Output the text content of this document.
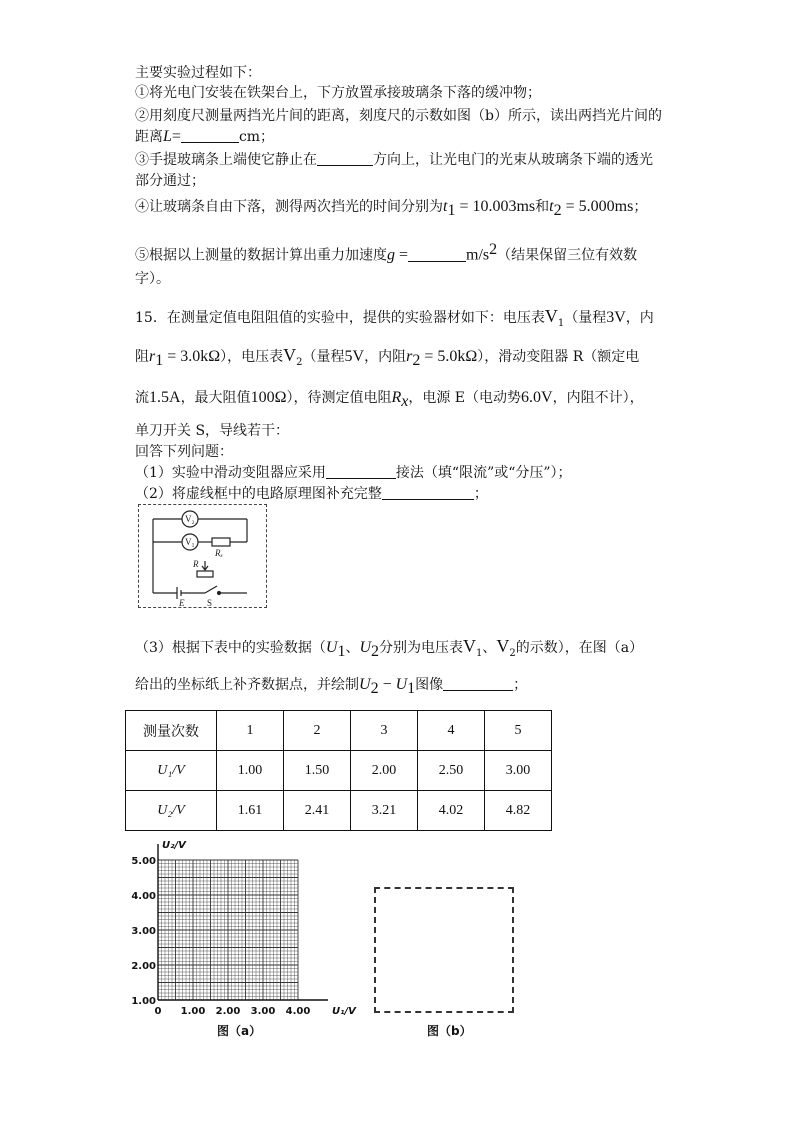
主要实验过程如下：
①将光电门安装在铁架台上，下方放置承接玻璃条下落的缓冲物；
②用刻度尺测量两挡光片间的距离，刻度尺的示数如图（b）所示，读出两挡光片间的
距离L=	cm；
③手提玻璃条上端使它静止在	方向上，让光电门的光束从玻璃条下端的透光
部分通过；
④让玻璃条自由下落，测得两次挡光的时间分别为$t_1 = 10.003ms$和$t_2 = 5.000ms$；
⑤根据以上测量的数据计算出重力加速度g =	$m/s^2$（结果保留三位有效数
字）。
15．在测量定值电阻阻值的实验中，提供的实验器材如下：电压表$V_1$（量程3V，内
阻$r_1 = 3.0k\Omega$），电压表$V_2$（量程5V，内阻$r_2 = 5.0k\Omega$），滑动变阻器 R（额定电
流1.5A，最大阻值100Ω），待测定值电阻$R_x$，电源 E（电动势6.0V，内阻不计），
单刀开关 S，导线若干：
回答下列问题：
（1）实验中滑动变阻器应采用	接法（填“限流”或“分压”）；
（2）将虚线框中的电路原理图补充完整	；
V₂
V₁
Rₓ
R
E	S
（3）根据下表中的实验数据（$U_1$、$U_2$分别为电压表$V_1$、$V_2$的示数），在图（a）
给出的坐标纸上补齐数据点，并绘制$U_2 - U_1$图像	；
测量次数	1	2	3	4	5
U₁/V	1.00	1.50	2.00	2.50	3.00
U₂/V	1.61	2.41	3.21	4.02	4.82
0 1.00 2.00 3.00 4.00
1.00
2.00
3.00
4.00
5.00
U₁/V
U₂/V
图（a）	图（b）
